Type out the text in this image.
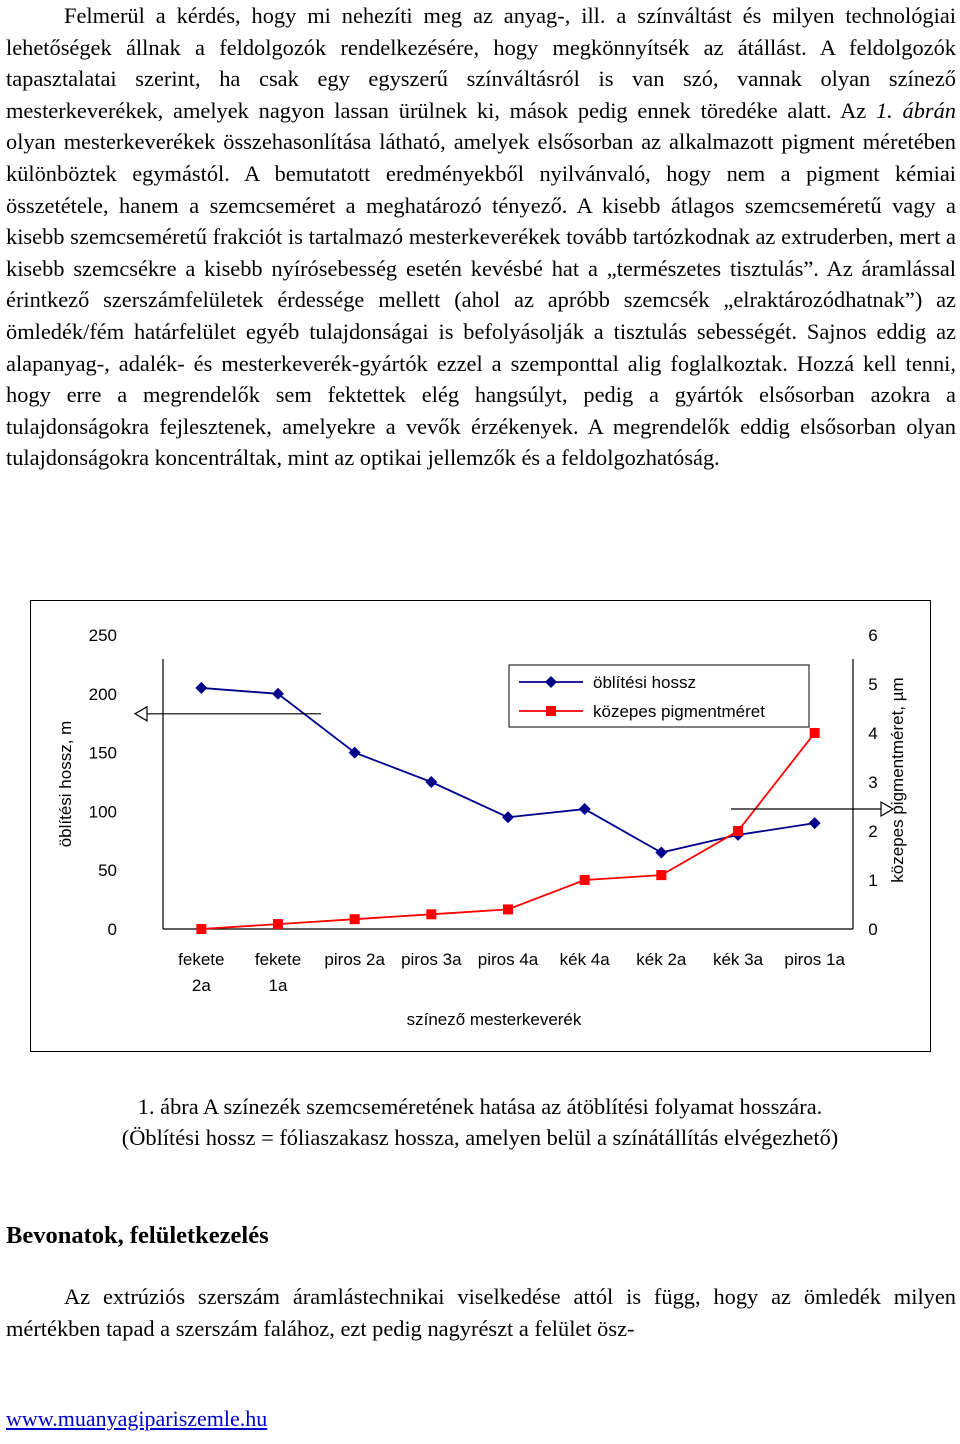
Felmerül a kérdés, hogy mi nehezíti meg az anyag-, ill. a színváltást és milyen technológiai lehetőségek állnak a feldolgozók rendelkezésére, hogy megkönnyítsék az átállást. A feldolgozók tapasztalatai szerint, ha csak egy egyszerű színváltásról is van szó, vannak olyan színező mesterkeverékek, amelyek nagyon lassan ürülnek ki, mások pedig ennek töredéke alatt. Az 1. ábrán olyan mesterkeverékek összehasonlítása látható, amelyek elsősorban az alkalmazott pigment méretében különböztek egymástól. A bemutatott eredményekből nyilvánvaló, hogy nem a pigment kémiai összetétele, hanem a szemcseméret a meghatározó tényező. A kisebb átlagos szemcseméretű vagy a kisebb szemcseméretű frakciót is tartalmazó mesterkeverékek tovább tartózkodnak az extruderben, mert a kisebb szemcsékre a kisebb nyírósebesség esetén kevésbé hat a „természetes tisztulás”. Az áramlással érintkező szerszámfelületek érdessége mellett (ahol az apróbb szemcsék „elraktározódhatnak”) az ömledék/fém határfelület egyéb tulajdonságai is befolyásolják a tisztulás sebességét. Sajnos eddig az alapanyag-, adalék- és mesterkeverék-gyártók ezzel a szemponttal alig foglalkoztak. Hozzá kell tenni, hogy erre a megrendelők sem fektettek elég hangsúlyt, pedig a gyártók elsősorban azokra a tulajdonságokra fejlesztenek, amelyekre a vevők érzékenyek. A megrendelők eddig elsősorban olyan tulajdonságokra koncentráltak, mint az optikai jellemzők és a feldolgozhatóság.

öblítési hossz
közepes pigmentméret
0
50
100
150
200
250
0
1
2
3
4
5
6
fekete 2a
fekete 1a
piros 2a piros 3a piros 4a kék 4a kék 2a kék 3a piros 1a
színező mesterkeverék
öblítési hossz, m	közepes pigmentméret, µm
1. ábra A színezék szemcseméretének hatása az átöblítési folyamat hosszára.
(Öblítési hossz = fóliaszakasz hossza, amelyen belül a színátállítás elvégezhető)
Bevonatok, felületkezelés

Az extrúziós szerszám áramlástechnikai viselkedése attól is függ, hogy az ömledék milyen mértékben tapad a szerszám falához, ezt pedig nagyrészt a felület ösz-

www.muanyagipariszemle.hu
